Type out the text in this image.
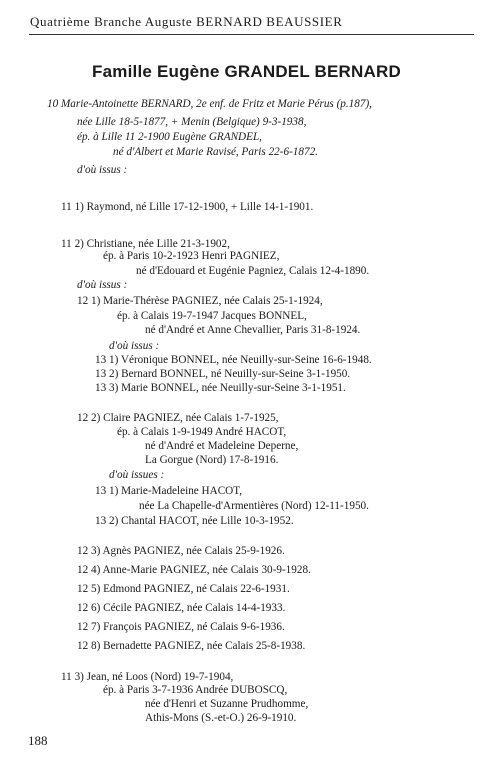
Quatrième Branche Auguste BERNARD BEAUSSIER
Famille Eugène GRANDEL BERNARD
10 Marie-Antoinette BERNARD, 2e enf. de Fritz et Marie Pérus (p.187),
née Lille 18-5-1877, + Menin (Belgique) 9-3-1938,
ép. à Lille 11 2-1900 Eugène GRANDEL,
né d'Albert et Marie Ravisé, Paris 22-6-1872.
d'où issus :
11 1) Raymond, né Lille 17-12-1900, + Lille 14-1-1901.
11 2) Christiane, née Lille 21-3-1902,
ép. à Paris 10-2-1923 Henri PAGNIEZ,
né d'Edouard et Eugénie Pagniez, Calais 12-4-1890.
d'où issus :
12 1) Marie-Thérèse PAGNIEZ, née Calais 25-1-1924,
ép. à Calais 19-7-1947 Jacques BONNEL,
né d'André et Anne Chevallier, Paris 31-8-1924.
d'où issus :
13 1) Véronique BONNEL, née Neuilly-sur-Seine 16-6-1948.
13 2) Bernard BONNEL, né Neuilly-sur-Seine 3-1-1950.
13 3) Marie BONNEL, née Neuilly-sur-Seine 3-1-1951.
12 2) Claire PAGNIEZ, née Calais 1-7-1925,
ép. à Calais 1-9-1949 André HACOT,
né d'André et Madeleine Deperne,
La Gorgue (Nord) 17-8-1916.
d'où issues :
13 1) Marie-Madeleine HACOT,
née La Chapelle-d'Armentières (Nord) 12-11-1950.
13 2) Chantal HACOT, née Lille 10-3-1952.
12 3) Agnès PAGNIEZ, née Calais 25-9-1926.
12 4) Anne-Marie PAGNIEZ, née Calais 30-9-1928.
12 5) Edmond PAGNIEZ, né Calais 22-6-1931.
12 6) Cécile PAGNIEZ, née Calais 14-4-1933.
12 7) François PAGNIEZ, né Calais 9-6-1936.
12 8) Bernadette PAGNIEZ, née Calais 25-8-1938.
11 3) Jean, né Loos (Nord) 19-7-1904,
ép. à Paris 3-7-1936 Andrée DUBOSCQ,
née d'Henri et Suzanne Prudhomme,
Athis-Mons (S.-et-O.) 26-9-1910.
188
